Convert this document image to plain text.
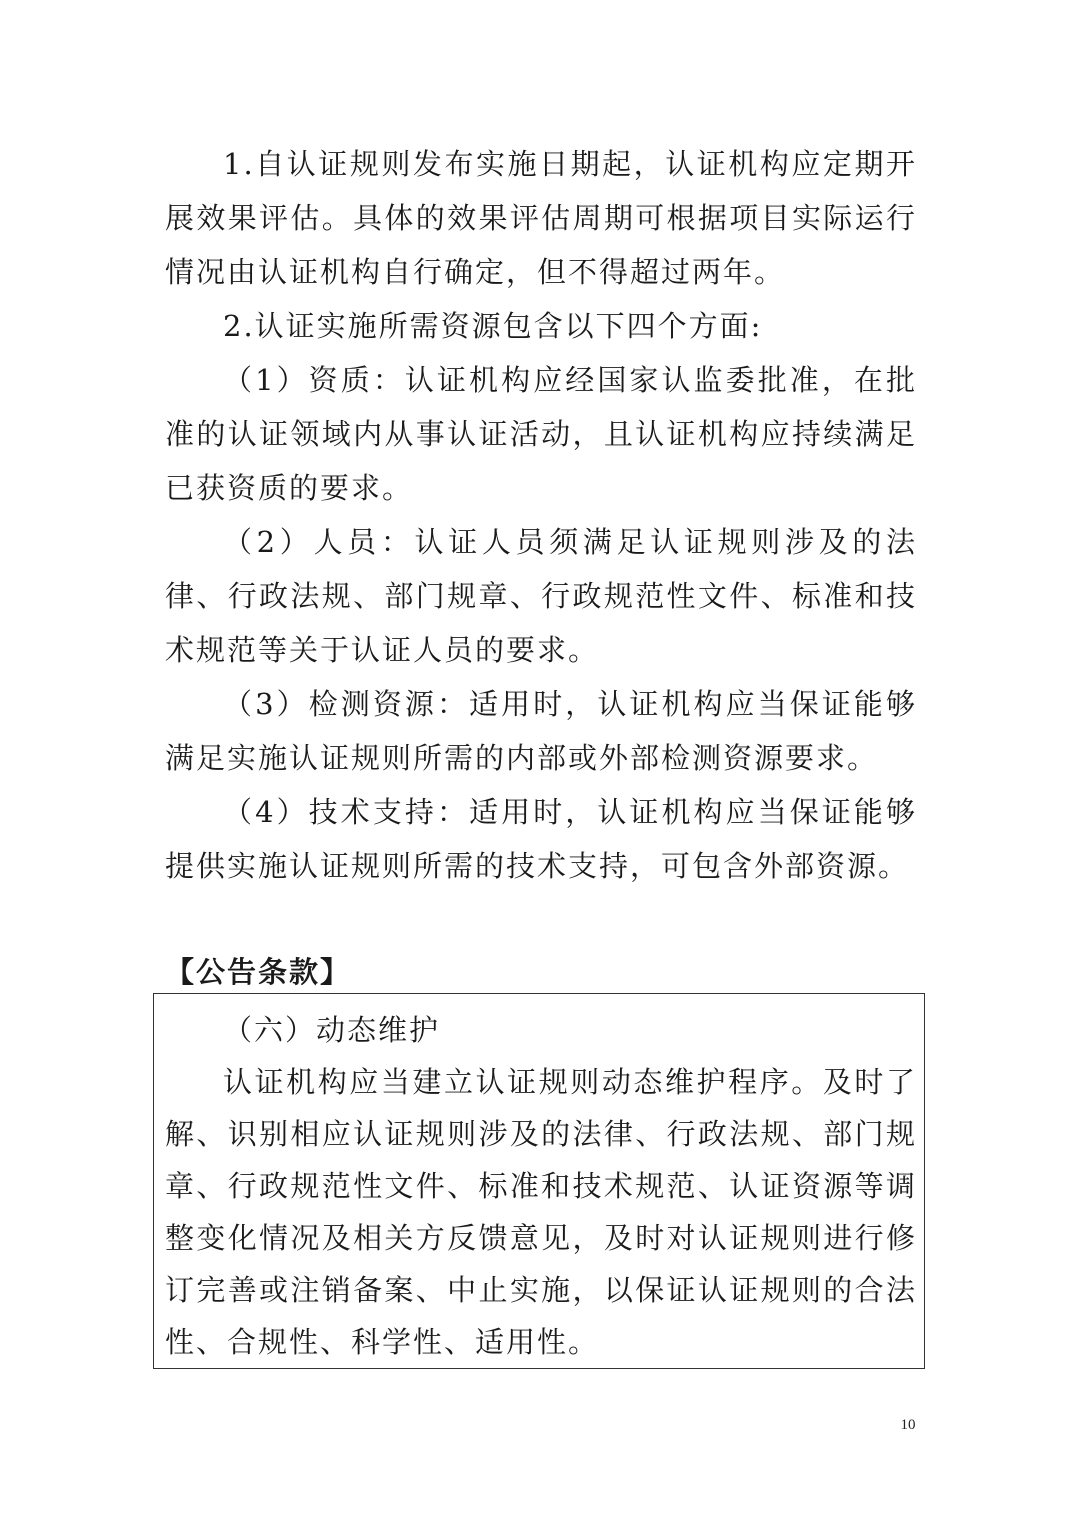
1.自认证规则发布实施日期起，认证机构应定期开展效果评估。具体的效果评估周期可根据项目实际运行情况由认证机构自行确定，但不得超过两年。

2.认证实施所需资源包含以下四个方面:

（1）资质：认证机构应经国家认监委批准，在批准的认证领域内从事认证活动，且认证机构应持续满足已获资质的要求。

（2）人员：认证人员须满足认证规则涉及的法律、行政法规、部门规章、行政规范性文件、标准和技术规范等关于认证人员的要求。

（3）检测资源：适用时，认证机构应当保证能够满足实施认证规则所需的内部或外部检测资源要求。

（4）技术支持：适用时，认证机构应当保证能够提供实施认证规则所需的技术支持，可包含外部资源。

【公告条款】

（六）动态维护

认证机构应当建立认证规则动态维护程序。及时了解、识别相应认证规则涉及的法律、行政法规、部门规章、行政规范性文件、标准和技术规范、认证资源等调整变化情况及相关方反馈意见，及时对认证规则进行修订完善或注销备案、中止实施，以保证认证规则的合法性、合规性、科学性、适用性。

10
